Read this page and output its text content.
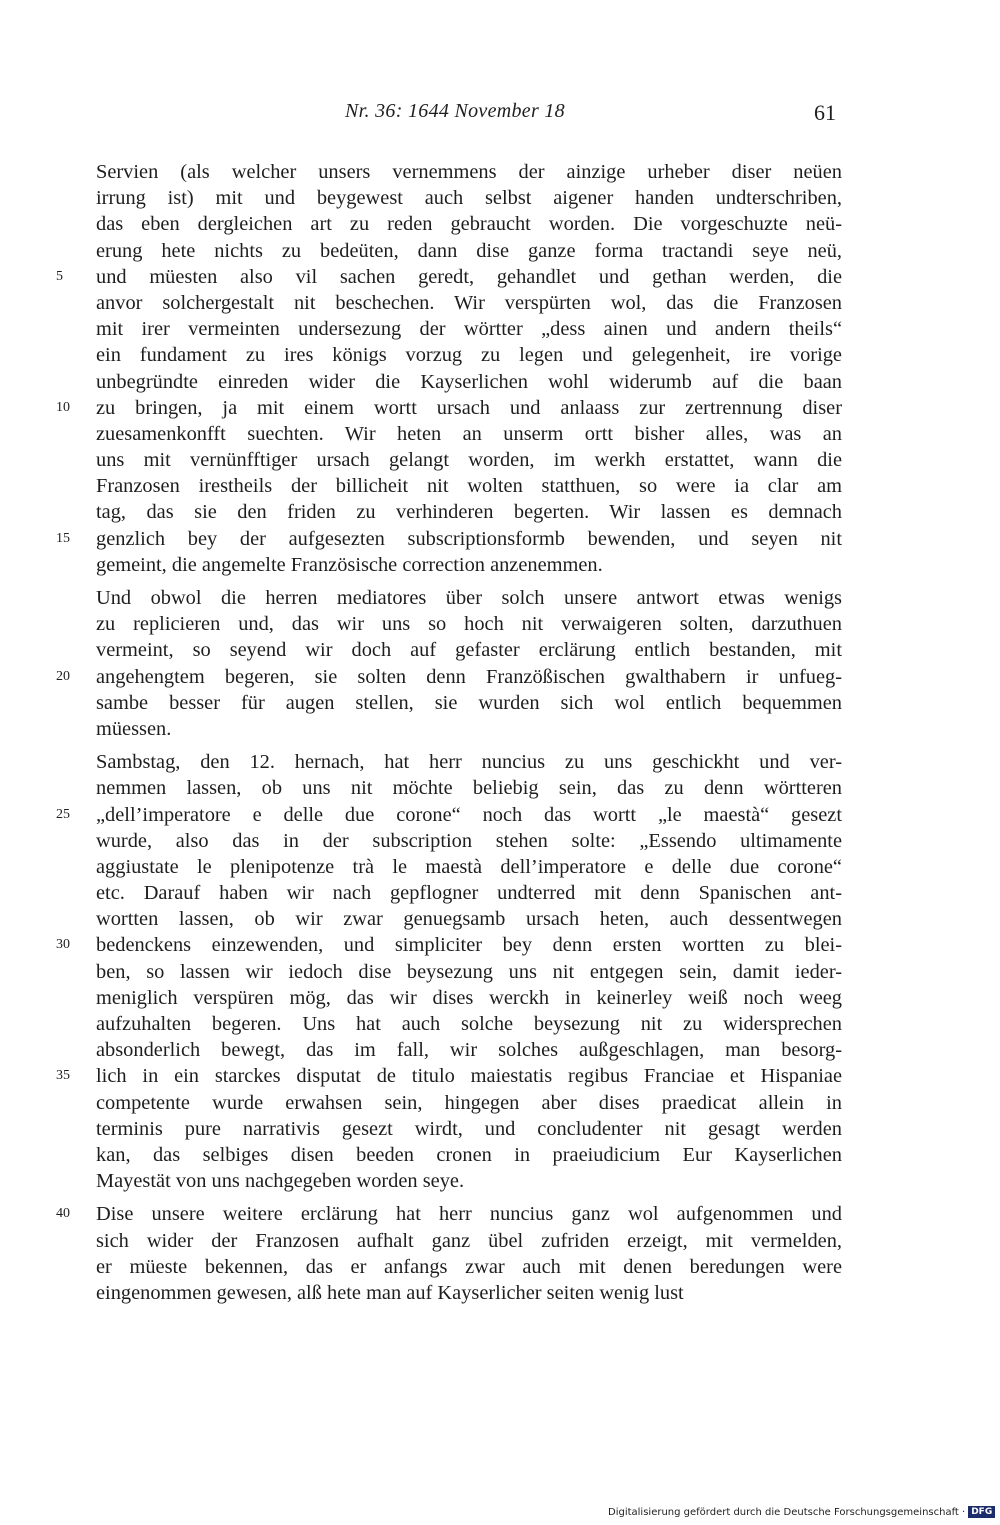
Nr. 36: 1644 November 18	61
Servien (als welcher unsers vernemmens der ainzige urheber diser neüen
irrung ist) mit und beygewest auch selbst aigener handen undterschriben,
das eben dergleichen art zu reden gebraucht worden. Die vorgeschuzte neü-
erung hete nichts zu bedeüten, dann dise ganze forma tractandi seye neü,
und müesten also vil sachen geredt, gehandlet und gethan werden, die
5
anvor solchergestalt nit beschechen. Wir verspürten wol, das die Franzosen
mit irer vermeinten undersezung der wörtter „dess ainen und andern theils“
ein fundament zu ires königs vorzug zu legen und gelegenheit, ire vorige
unbegründte einreden wider die Kayserlichen wohl widerumb auf die baan
zu bringen, ja mit einem wortt ursach und anlaass zur zertrennung diser
10
zuesamenkonfft suechten. Wir heten an unserm ortt bisher alles, was an
uns mit vernünfftiger ursach gelangt worden, im werkh erstattet, wann die
Franzosen irestheils der billicheit nit wolten statthuen, so were ia clar am
tag, das sie den friden zu verhinderen begerten. Wir lassen es demnach
genzlich bey der aufgesezten subscriptionsformb bewenden, und seyen nit
15
gemeint, die angemelte Französische correction anzenemmen.
Und obwol die herren mediatores über solch unsere antwort etwas wenigs
zu replicieren und, das wir uns so hoch nit verwaigeren solten, darzuthuen
vermeint, so seyend wir doch auf gefaster erclärung entlich bestanden, mit
angehengtem begeren, sie solten denn Franzößischen gwalthabern ir unfueg-
20
sambe besser für augen stellen, sie wurden sich wol entlich bequemmen
müessen.
Sambstag, den 12. hernach, hat herr nuncius zu uns geschickht und ver-
nemmen lassen, ob uns nit möchte beliebig sein, das zu denn wörtteren
„dell’imperatore e delle due corone“ noch das wortt „le maestà“ gesezt
25
wurde, also das in der subscription stehen solte: „Essendo ultimamente
aggiustate le plenipotenze trà le maestà dell’imperatore e delle due corone“
etc. Darauf haben wir nach gepflogner undterred mit denn Spanischen ant-
wortten lassen, ob wir zwar genuegsamb ursach heten, auch dessentwegen
bedenckens einzewenden, und simpliciter bey denn ersten wortten zu blei-
30
ben, so lassen wir iedoch dise beysezung uns nit entgegen sein, damit ieder-
meniglich verspüren mög, das wir dises werckh in keinerley weiß noch weeg
aufzuhalten begeren. Uns hat auch solche beysezung nit zu widersprechen
absonderlich bewegt, das im fall, wir solches außgeschlagen, man besorg-
lich in ein starckes disputat de titulo maiestatis regibus Franciae et Hispaniae
35
competente wurde erwahsen sein, hingegen aber dises praedicat allein in
terminis pure narrativis gesezt wirdt, und concludenter nit gesagt werden
kan, das selbiges disen beeden cronen in praeiudicium Eur Kayserlichen
Mayestät von uns nachgegeben worden seye.
Dise unsere weitere erclärung hat herr nuncius ganz wol aufgenommen und
40
sich wider der Franzosen aufhalt ganz übel zufriden erzeigt, mit vermelden,
er müeste bekennen, das er anfangs zwar auch mit denen beredungen were
eingenommen gewesen, alß hete man auf Kayserlicher seiten wenig lust
Digitalisierung gefördert durch die Deutsche Forschungsgemeinschaft · DFG
